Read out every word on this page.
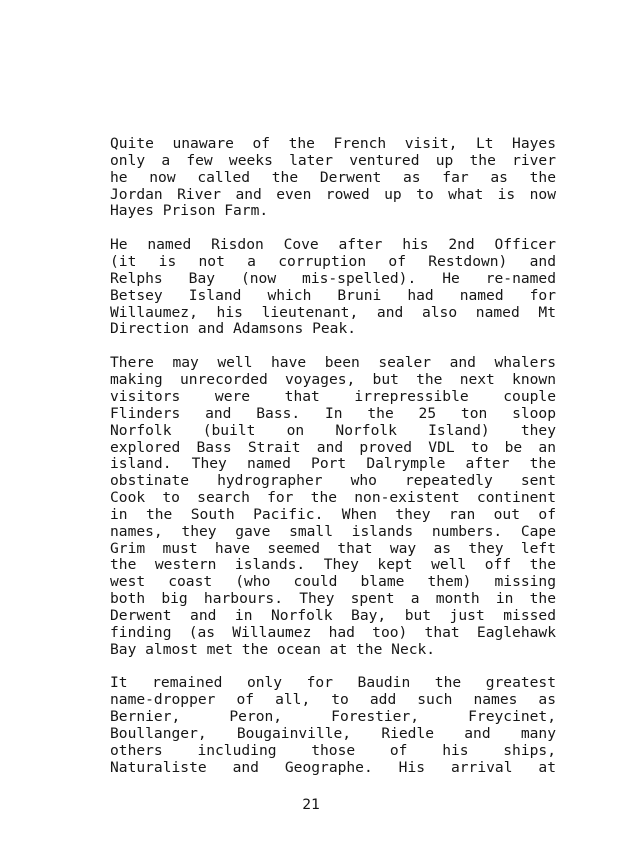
Quite unaware of the French visit, Lt Hayes
only a few weeks later ventured up the river
he now called the Derwent as far as the
Jordan River and even rowed up to what is now
Hayes Prison Farm.
He named Risdon Cove after his 2nd Officer
(it is not a corruption of Restdown) and
Relphs Bay (now mis-spelled). He re-named
Betsey Island which Bruni had named for
Willaumez, his lieutenant, and also named Mt
Direction and Adamsons Peak.
There may well have been sealer and whalers
making unrecorded voyages, but the next known
visitors were that irrepressible couple
Flinders and Bass. In the 25 ton sloop
Norfolk (built on Norfolk Island) they
explored Bass Strait and proved VDL to be an
island. They named Port Dalrymple after the
obstinate hydrographer who repeatedly sent
Cook to search for the non-existent continent
in the South Pacific. When they ran out of
names, they gave small islands numbers. Cape
Grim must have seemed that way as they left
the western islands. They kept well off the
west coast (who could blame them) missing
both big harbours. They spent a month in the
Derwent and in Norfolk Bay, but just missed
finding (as Willaumez had too) that Eaglehawk
Bay almost met the ocean at the Neck.
It remained only for Baudin the greatest
name-dropper of all, to add such names as
Bernier, Peron, Forestier, Freycinet,
Boullanger, Bougainville, Riedle and many
others including those of his ships,
Naturaliste and Geographe. His arrival at
21
